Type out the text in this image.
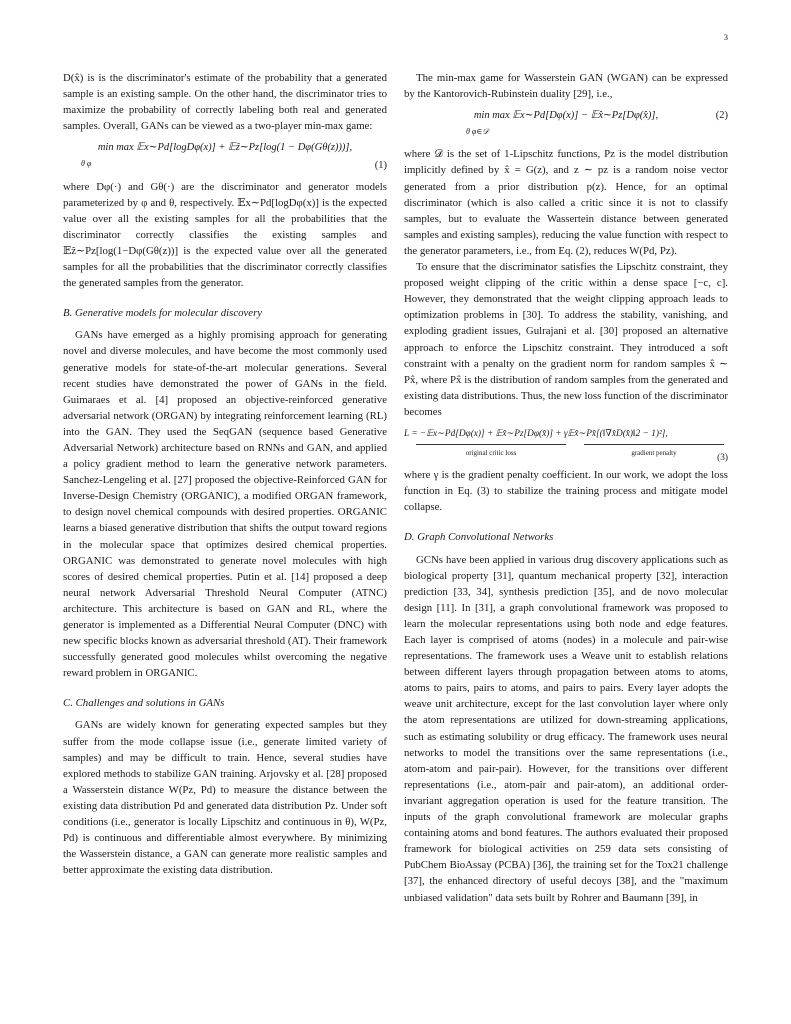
3

D(x̂) is is the discriminator's estimate of the probability that a generated sample is an existing sample. On the other hand, the discriminator tries to maximize the probability of correctly labeling both real and generated samples. Overall, GANs can be viewed as a two-player min-max game:

min max 𝔼x∼Pd[logDφ(x)] + 𝔼ẑ∼Pz[log(1 − Dφ(Gθ(z)))],
θ φ	(1)

where Dφ(·) and Gθ(·) are the discriminator and generator models parameterized by φ and θ, respectively. 𝔼x∼Pd[logDφ(x)] is the expected value over all the existing samples for all the probabilities that the discriminator correctly classifies the existing samples and 𝔼ẑ∼Pz[log(1−Dφ(Gθ(z))] is the expected value over all the generated samples for all the probabilities that the discriminator correctly classifies the generated samples from the generator.

B. Generative models for molecular discovery

GANs have emerged as a highly promising approach for generating novel and diverse molecules, and have become the most commonly used generative models for state-of-the-art molecular generations. Several recent studies have demonstrated the power of GANs in the field. Guimaraes et al. [4] proposed an objective-reinforced generative adversarial network (ORGAN) by integrating reinforcement learning (RL) into the GAN. They used the SeqGAN (sequence based Generative Adversarial Network) architecture based on RNNs and GAN, and applied a policy gradient method to learn the generative network parameters. Sanchez-Lengeling et al. [27] proposed the objective-Reinforced GAN for Inverse-Design Chemistry (ORGANIC), a modified ORGAN framework, to design novel chemical compounds with desired properties. ORGANIC learns a biased generative distribution that shifts the output toward regions in the molecular space that optimizes desired chemical properties. ORGANIC was demonstrated to generate novel molecules with high scores of desired chemical properties. Putin et al. [14] proposed a deep neural network Adversarial Threshold Neural Computer (ATNC) architecture. This architecture is based on GAN and RL, where the generator is implemented as a Differential Neural Computer (DNC) with new specific blocks known as adversarial threshold (AT). Their framework successfully generated good molecules whilst overcoming the negative reward problem in ORGANIC.

C. Challenges and solutions in GANs

GANs are widely known for generating expected samples but they suffer from the mode collapse issue (i.e., generate limited variety of samples) and may be difficult to train. Hence, several studies have explored methods to stabilize GAN training. Arjovsky et al. [28] proposed a Wasserstein distance W(Pz, Pd) to measure the distance between the existing data distribution Pd and generated data distribution Pz. Under soft conditions (i.e., generator is locally Lipschitz and continuous in θ), W(Pz, Pd) is continuous and differentiable almost everywhere. By minimizing the Wasserstein distance, a GAN can generate more realistic samples and better approximate the existing data distribution.

The min-max game for Wasserstein GAN (WGAN) can be expressed by the Kantorovich-Rubinstein duality [29], i.e.,

min max 𝔼x∼Pd[Dφ(x)] − 𝔼x̂∼Pz[Dφ(x̂)],
θ φ∈𝒟
(2)

where 𝒟 is the set of 1-Lipschitz functions, Pz is the model distribution implicitly defined by x̂ = G(z), and z ∼ pz is a random noise vector generated from a prior distribution p(z). Hence, for an optimal discriminator (which is also called a critic since it is not to classify samples, but to evaluate the Wassertein distance between generated samples and existing samples), reducing the value function with respect to the generator parameters, i.e., from Eq. (2), reduces W(Pd, Pz).

To ensure that the discriminator satisfies the Lipschitz constraint, they proposed weight clipping of the critic within a dense space [−c, c]. However, they demonstrated that the weight clipping approach leads to optimization problems in [30]. To address the stability, vanishing, and exploding gradient issues, Gulrajani et al. [30] proposed an alternative approach to enforce the Lipschitz constraint. They introduced a soft constraint with a penalty on the gradient norm for random samples x̂ ∼ Px̂, where Px̂ is the distribution of random samples from the generated and existing data distributions. Thus, the new loss function of the discriminator becomes

L = −𝔼x∼Pd[Dφ(x)] + 𝔼x̂∼Pz[Dφ(x̂)] + γ𝔼x̂∼Px̂[(‖∇x̂D(x̂)‖2 − 1)²],
original critic loss	gradient penalty	(3)

where γ is the gradient penalty coefficient. In our work, we adopt the loss function in Eq. (3) to stabilize the training process and mitigate model collapse.

D. Graph Convolutional Networks

GCNs have been applied in various drug discovery applications such as biological property [31], quantum mechanical property [32], interaction prediction [33, 34], synthesis prediction [35], and de novo molecular design [11]. In [31], a graph convolutional framework was proposed to learn the molecular representations using both node and edge features. Each layer is comprised of atoms (nodes) in a molecule and pair-wise representations. The framework uses a Weave unit to establish relations between different layers through propagation between atoms to atoms, atoms to pairs, pairs to atoms, and pairs to pairs. Every layer adopts the weave unit architecture, except for the last convolution layer where only the atom representations are utilized for down-streaming applications, such as estimating solubility or drug efficacy. The framework uses neural networks to model the transitions over the same representations (i.e., atom-atom and pair-pair). However, for the transitions over different representations (i.e., atom-pair and pair-atom), an additional order-invariant aggregation operation is used for the feature transition. The inputs of the graph convolutional framework are molecular graphs containing atoms and bond features. The authors evaluated their proposed framework for biological activities on 259 data sets consisting of PubChem BioAssay (PCBA) [36], the training set for the Tox21 challenge [37], the enhanced directory of useful decoys [38], and the "maximum unbiased validation" data sets built by Rohrer and Baumann [39], in
